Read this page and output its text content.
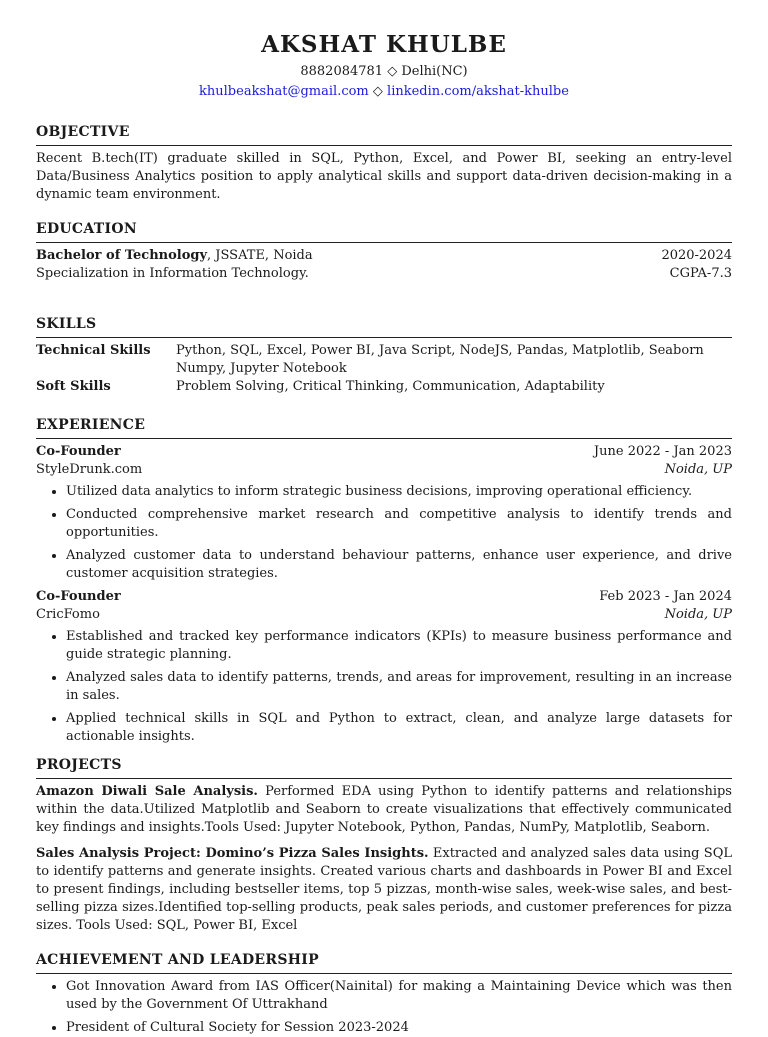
AKSHAT KHULBE
8882084781 ◇ Delhi(NC)
khulbeakshat@gmail.com ◇ linkedin.com/akshat-khulbe
OBJECTIVE
Recent B.tech(IT) graduate skilled in SQL, Python, Excel, and Power BI, seeking an entry-level Data/Business Analytics position to apply analytical skills and support data-driven decision-making in a dynamic team environment.
EDUCATION
Bachelor of Technology, JSSATE, Noida	2020-2024
Specialization in Information Technology.	CGPA-7.3
SKILLS
Technical Skills	Python, SQL, Excel, Power BI, Java Script, NodeJS, Pandas, Matplotlib, Seaborn Numpy, Jupyter Notebook
Soft Skills	Problem Solving, Critical Thinking, Communication, Adaptability
EXPERIENCE
Co-Founder	June 2022 - Jan 2023
StyleDrunk.com	Noida, UP
• Utilized data analytics to inform strategic business decisions, improving operational efficiency.
• Conducted comprehensive market research and competitive analysis to identify trends and opportunities.
• Analyzed customer data to understand behaviour patterns, enhance user experience, and drive customer acquisition strategies.
Co-Founder	Feb 2023 - Jan 2024
CricFomo	Noida, UP
• Established and tracked key performance indicators (KPIs) to measure business performance and guide strategic planning.
• Analyzed sales data to identify patterns, trends, and areas for improvement, resulting in an increase in sales.
• Applied technical skills in SQL and Python to extract, clean, and analyze large datasets for actionable insights.
PROJECTS
Amazon Diwali Sale Analysis. Performed EDA using Python to identify patterns and relationships within the data.Utilized Matplotlib and Seaborn to create visualizations that effectively communicated key findings and insights.Tools Used: Jupyter Notebook, Python, Pandas, NumPy, Matplotlib, Seaborn.
Sales Analysis Project: Domino’s Pizza Sales Insights. Extracted and analyzed sales data using SQL to identify patterns and generate insights. Created various charts and dashboards in Power BI and Excel to present findings, including bestseller items, top 5 pizzas, month-wise sales, week-wise sales, and best-selling pizza sizes.Identified top-selling products, peak sales periods, and customer preferences for pizza sizes. Tools Used: SQL, Power BI, Excel
ACHIEVEMENT AND LEADERSHIP
• Got Innovation Award from IAS Officer(Nainital) for making a Maintaining Device which was then used by the Government Of Uttrakhand
• President of Cultural Society for Session 2023-2024
